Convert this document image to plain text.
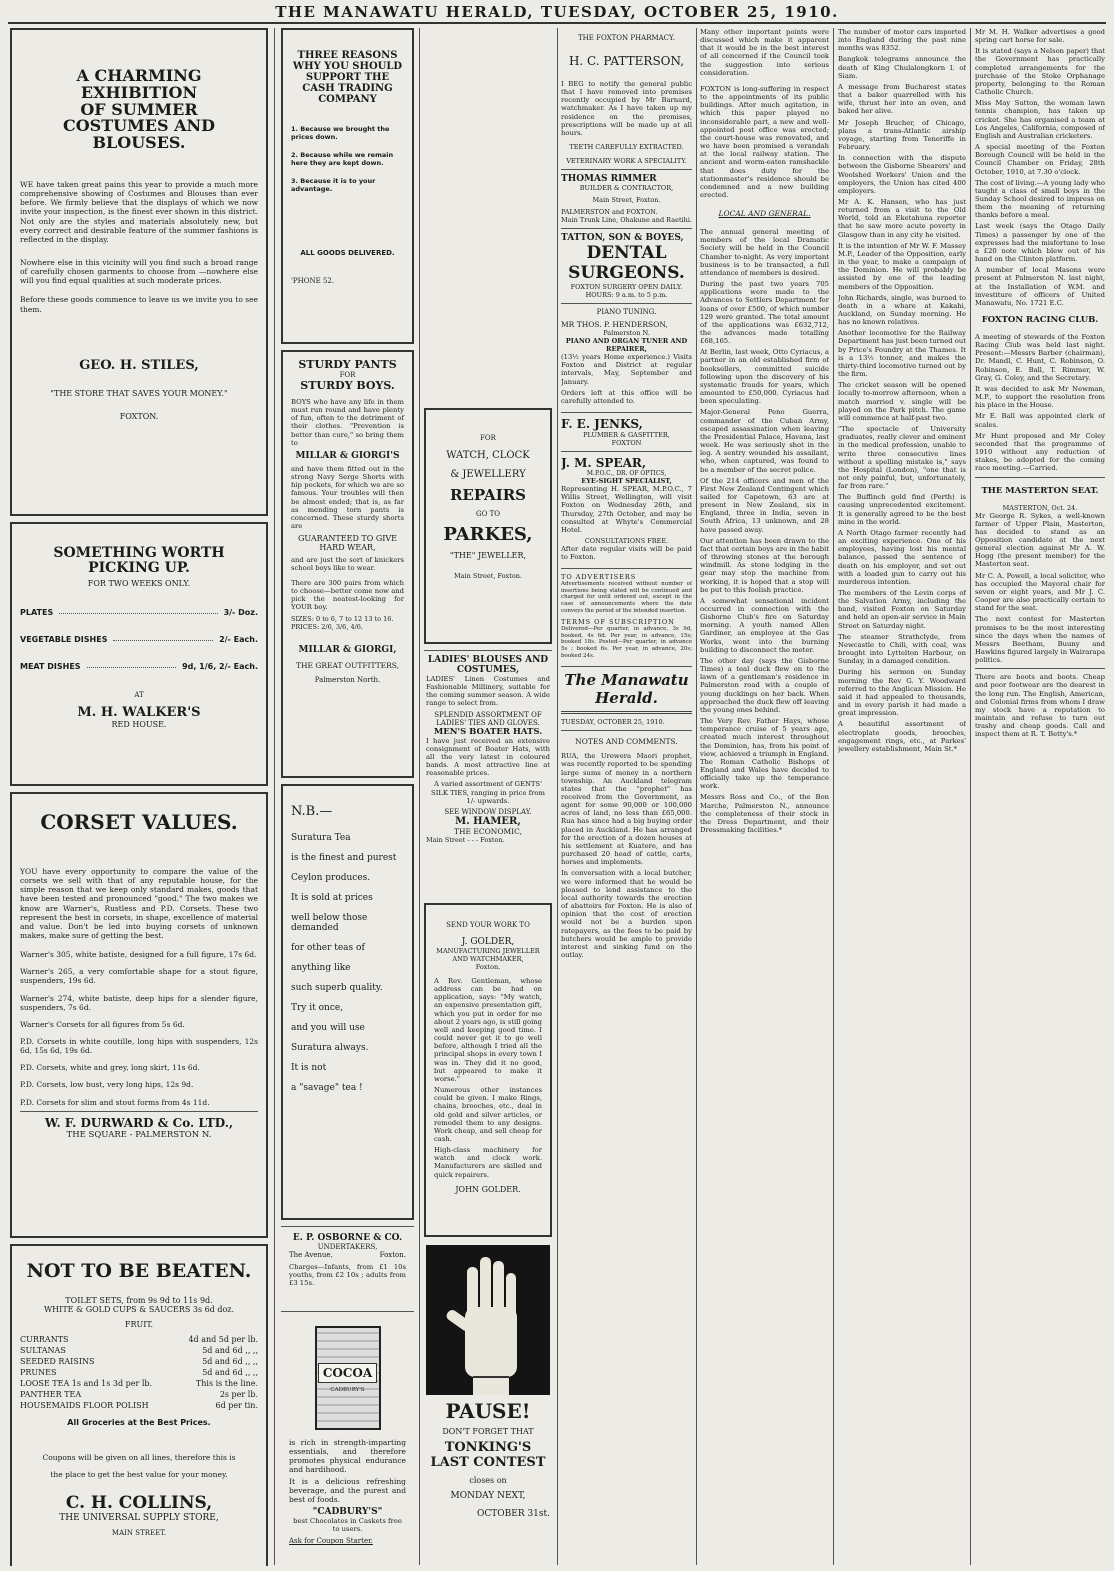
THE MANAWATU HERALD, TUESDAY, OCTOBER 25, 1910.
A CHARMING EXHIBITION
OF SUMMER
COSTUMES AND BLOUSES.

WE have taken great pains this year to provide a much more comprehensive showing of Costumes and Blouses than ever before. We firmly believe that the displays of which we now invite your inspection, is the finest ever shown in this district. Not only are the styles and materials absolutely new, but every correct and desirable feature of the summer fashions is reflected in the display.

Nowhere else in this vicinity will you find such a broad range of carefully chosen garments to choose from —nowhere else will you find equal qualities at such moderate prices.

Before these goods commence to leave us we invite you to see them.

GEO. H. STILES,
"THE STORE THAT SAVES YOUR MONEY."
FOXTON.
SOMETHING WORTH
PICKING UP.
FOR TWO WEEKS ONLY.
PLATES	3/- Doz.
VEGETABLE DISHES	2/- Each.
MEAT DISHES	9d, 1/6, 2/- Each.
AT
M. H. WALKER'S
RED HOUSE.
CORSET VALUES.

YOU have every opportunity to compare the value of the corsets we sell with that of any reputable house, for the simple reason that we keep only standard makes, goods that have been tested and pronounced "good." The two makes we know are Warner's, Rustless and P.D. Corsets. These two represent the best in corsets, in shape, excellence of material and value. Don't be led into buying corsets of unknown makes, make sure of getting the best.

Warner's 305, white batiste, designed for a full figure, 17s 6d.

Warner's 265, a very comfortable shape for a stout figure, suspenders, 19s 6d.

Warner's 274, white batiste, deep hips for a slender figure, suspenders, 7s 6d.

Warner's Corsets for all figures from 5s 6d.

P.D. Corsets in white coutille, long hips with suspenders, 12s 6d, 15s 6d, 19s 6d.

P.D. Corsets, white and grey, long skirt, 11s 6d.

P.D. Corsets, low bust, very long hips, 12s 9d.

P.D. Corsets for slim and stout forms from 4s 11d.

W. F. DURWARD & Co. LTD.,
THE SQUARE - PALMERSTON N.
NOT TO BE BEATEN.
TOILET SETS, from 9s 9d to 11s 9d.
WHITE & GOLD CUPS & SAUCERS 3s 6d doz.
FRUIT.
CURRANTS	4d and 5d per lb.
SULTANAS	5d and 6d ,, ,,
SEEDED RAISINS	5d and 6d ,, ,,
PRUNES	5d and 6d ,, ,,
LOOSE TEA 1s and 1s 3d per lb.	This is the line.
PANTHER TEA	2s per lb.
HOUSEMAIDS FLOOR POLISH	6d per tin.
All Groceries at the Best Prices.
Coupons will be given on all lines, therefore this is
the place to get the best value for your money.
C. H. COLLINS,
THE UNIVERSAL SUPPLY STORE,
MAIN STREET.
THREE REASONS WHY YOU SHOULD SUPPORT THE CASH TRADING COMPANY
1. Because we brought the prices down.
2. Because while we remain here they are kept down.
3. Because it is to your advantage.
ALL GOODS DELIVERED.
'PHONE 52.
STURDY PANTS
FOR
STURDY BOYS.

BOYS who have any life in them must run round and have plenty of fun, often to the detriment of their clothes. "Prevention is better than cure," so bring them to

MILLAR & GIORGI'S

and have them fitted out in the strong Navy Serge Shorts with hip pockets, for which we are so famous. Your troubles will then be almost ended; that is, as far as mending torn pants is concerned. These sturdy shorts are

GUARANTEED TO GIVE HARD WEAR,

and are just the sort of knickers school boys like to wear.

There are 300 pairs from which to choose—better come now and pick the neatest-looking for YOUR boy.

SIZES: 0 to 6, 7 to 12 13 to 16.
PRICES: 2/6, 3/6, 4/6.
MILLAR & GIORGI,
THE GREAT OUTFITTERS,
Palmerston North.
N.B.—
Suratura Tea
is the finest and purest
Ceylon produces.
It is sold at prices
well below those demanded
for other teas of
anything like
such superb quality.
Try it once,
and you will use
Suratura always.
It is not
a "savage" tea !
E. P. OSBORNE & CO.
UNDERTAKERS,
The Avenue,	Foxton.

Charges—Infants, from £1 10s youths, from £2 10s ; adults from £3 15s.

COCOA
CADBURY'S

is rich in strength-imparting essentials, and therefore promotes physical endurance and hardihood.

It is a delicious refreshing beverage, and the purest and best of foods.

"CADBURY'S"

best Chocolates in Caskets free to users.

Ask for Coupon Starter.
FOR
WATCH, CLOCK
& JEWELLERY
REPAIRS
GO TO
PARKES,
"THE" JEWELLER,
Main Street, Foxton.
LADIES' BLOUSES AND COSTUMES,

LADIES' Linen Costumes and Fashionable Millinery, suitable for the coming summer season. A wide range to select from.

SPLENDID ASSORTMENT OF LADIES' TIES AND GLOVES.
MEN'S BOATER HATS.

I have just received an extensive consignment of Boater Hats, with all the very latest in coloured bands. A most attractive line at reasonable prices.

A varied assortment of GENTS' SILK TIES, ranging in price from 1/- upwards.

SEE WINDOW DISPLAY.
M. HAMER,
THE ECONOMIC,
Main Street - - - Foxton.
SEND YOUR WORK TO
J. GOLDER,
MANUFACTURING JEWELLER AND WATCHMAKER,
Foxton.

A Rev. Gentleman, whose address can be had on application, says: "My watch, an expensive presentation gift, which you put in order for me about 2 years ago, is still going well and keeping good time. I could never get it to go well before, although I tried all the principal shops in every town I was in. They did it no good, but appeared to make it worse."

Numerous other instances could be given. I make Rings, chains, brooches, etc., deal in old gold and silver articles, or remodel them to any designs. Work cheap, and sell cheap for cash.

High-class machinery for watch and clock work. Manufacturers are skilled and quick repairers.

JOHN GOLDER.
PAUSE!
DON'T FORGET THAT
TONKING'S
LAST CONTEST
closes on
MONDAY NEXT,
OCTOBER 31st.
THE FOXTON PHARMACY.
H. C. PATTERSON,

I BEG to notify the general public that I have removed into premises recently occupied by Mr Barnard, watchmaker. As I have taken up my residence on the premises, prescriptions will be made up at all hours.

TEETH CAREFULLY EXTRACTED.
VETERINARY WORK A SPECIALITY.
THOMAS RIMMER
BUILDER & CONTRACTOR,
Main Street, Foxton.
PALMERSTON and FOXTON.
Main Trunk Line, Ohakune and Raetihi.
TATTON, SON & BOYES,
DENTAL
SURGEONS.
FOXTON SURGERY OPEN DAILY.
HOURS: 9 a.m. to 5 p.m.
PIANO TUNING.
MR THOS. P. HENDERSON,
Palmerston N.
PIANO AND ORGAN TUNER AND REPAIRER,

(13½ years Home experience.) Visits Foxton and District at regular intervals, May, September and January.

Orders left at this office will be carefully attended to.

F. E. JENKS,
PLUMBER & GASFITTER,
FOXTON
J. M. SPEAR,
M.P.O.C., DR. OF OPTICS,
EYE-SIGHT SPECIALIST,

Representing H. SPEAR, M.P.O.C., 7 Willis Street, Wellington, will visit Foxton on Wednesday 26th, and Thursday, 27th October, and may be consulted at Whyte's Commercial Hotel.

CONSULTATIONS FREE.

After date regular visits will be paid to Foxton.

TO ADVERTISERS

Advertisements received without number of insertions being stated will be continued and charged for until ordered out, except in the case of announcements where the date conveys the period of the intended insertion.

TERMS OF SUBSCRIPTION

Delivered—Per quarter, in advance, 3s 9d, booked, 4s 6d. Per year, in advance, 15s; booked 18s. Posted—Per quarter, in advance 5s ; booked 6s. Per year, in advance, 20s; booked 24s.

The Manawatu Herald.
TUESDAY, OCTOBER 25, 1910.
NOTES AND COMMENTS.

RUA, the Urewera Maori prophet, was recently reported to be spending large sums of money in a northern township. An Auckland telegram states that the "prophet" has received from the Government, as agent for some 90,000 or 100,000 acres of land, no less than £65,000. Rua has since had a big buying order placed in Auckland. He has arranged for the erection of a dozen houses at his settlement at Kuatere, and has purchased 20 head of cattle, carts, horses and implements.

In conversation with a local butcher, we were informed that he would be pleased to lend assistance to the local authority towards the erection of abattoirs for Foxton. He is also of opinion that the cost of erection would not be a burden upon ratepayers, as the fees to be paid by butchers would be ample to provide interest and sinking fund on the outlay.

Many other important points were discussed which make it apparent that it would be in the best interest of all concerned if the Council took the suggestion into serious consideration.

FOXTON is long-suffering in respect to the appointments of its public buildings. After much agitation, in which this paper played no inconsiderable part, a new and well-appointed post office was erected; the court-house was renovated, and we have been promised a verandah at the local railway station. The ancient and worm-eaten ramshackle that does duty for the stationmaster's residence should be condemned and a new building erected.

LOCAL AND GENERAL.

The annual general meeting of members of the local Dramatic Society will be held in the Council Chamber to-night. As very important business is to be transacted, a full attendance of members is desired.

During the past two years 705 applications were made to the Advances to Settlers Department for loans of over £500, of which number 129 were granted. The total amount of the applications was £632,712, the advances made totalling £68,165.

At Berlin, last week, Otto Cyriacus, a partner in an old established firm of booksellers, committed suicide following upon the discovery of his systematic frauds for years, which amounted to £50,000. Cyriacus had been speculating.

Major-General Peno Guerra, commander of the Cuban Army, escaped assassination when leaving the Presidential Palace, Havana, last week. He was seriously shot in the leg. A sentry wounded his assailant, who, when captured, was found to be a member of the secret police.

Of the 214 officers and men of the First New Zealand Contingent which sailed for Capetown, 63 are at present in New Zealand, six in England, three in India, seven in South Africa, 13 unknown, and 28 have passed away.

Our attention has been drawn to the fact that certain boys are in the habit of throwing stones at the borough windmill. As stone lodging in the gear may stop the machine from working, it is hoped that a stop will be put to this foolish practice.

A somewhat sensational incident occurred in connection with the Gisborne Club's fire on Saturday morning. A youth named Allen Gardiner, an employee at the Gas Works, went into the burning building to disconnect the meter.

The other day (says the Gisborne Times) a teal duck flew on to the lawn of a gentleman's residence in Palmerston road with a couple of young ducklings on her back. When approached the duck flew off leaving the young ones behind.

The Very Rev. Father Hays, whose temperance cruise of 5 years ago, created much interest throughout the Dominion, has, from his point of view, achieved a triumph in England. The Roman Catholic Bishops of England and Wales have decided to officially take up the temperance work.

Messrs Ross and Co., of the Bon Marche, Palmerston N., announce the completeness of their stock in the Dress Department, and their Dressmaking facilities.*

The number of motor cars imported into England during the past nine months was 8352.

Bangkok telegrams announce the death of King Chulalongkorn I. of Siam.

A message from Bucharest states that a baker quarrelled with his wife, thrust her into an oven, and baked her alive.

Mr Joseph Brucher, of Chicago, plans a trans-Atlantic airship voyage, starting from Teneriffe in February.

In connection with the dispute between the Gisborne Shearers' and Woolshed Workers' Union and the employers, the Union has cited 400 employers.

Mr A. K. Hansen, who has just returned from a visit to the Old World, told an Eketahuna reporter that he saw more acute poverty in Glasgow than in any city he visited.

It is the intention of Mr W. F. Massey M.P., Leader of the Opposition, early in the year, to make a campaign of the Dominion. He will probably be assisted by one of the leading members of the Opposition.

John Richards, single, was burned to death in a whare at Kakahi, Auckland, on Sunday morning. He has no known relatives.

Another locomotive for the Railway Department has just been turned out by Price's Foundry at the Thames. It is a 13½ tonner, and makes the thirty-third locomotive turned out by the firm.

The cricket season will be opened locally to-morrow afternoon, when a match married v. single will be played on the Park pitch. The game will commence at half-past two.

"The spectacle of University graduates, really clever and eminent in the medical profession, unable to write three consecutive lines without a spelling mistake is," says the Hospital (London), "one that is not only painful, but, unfortunately, far from rare."

The Buffinch gold find (Perth) is causing unprecedented excitement. It is generally agreed to be the best mine in the world.

A North Otago farmer recently had an exciting experience. One of his employees, having lost his mental balance, passed the sentence of death on his employer, and set out with a loaded gun to carry out his murderous intention.

The members of the Levin corps of the Salvation Army, including the band, visited Foxton on Saturday and held an open-air service in Main Street on Saturday night.

The steamer Strathclyde, from Newcastle to Chili, with coal, was brought into Lyttelton Harbour, on Sunday, in a damaged condition.

During his sermon on Sunday morning the Rev G. Y. Woodward referred to the Anglican Mission. He said it had appealed to thousands, and in every parish it had made a great impression.

A beautiful assortment of electroplate goods, brooches, engagement rings, etc., at Parkes' jewellery establishment, Main St.*

Mr M. H. Walker advertises a good spring cart horse for sale.

It is stated (says a Nelson paper) that the Government has practically completed arrangements for the purchase of the Stoke Orphanage property, belonging to the Roman Catholic Church.

Miss May Sutton, the woman lawn tennis champion, has taken up cricket. She has organised a team at Los Angeles, California, composed of English and Australian cricketers.

A special meeting of the Foxton Borough Council will be held in the Council Chamber on Friday, 28th October, 1910, at 7.30 o'clock.

The cost of living.—A young lady who taught a class of small boys in the Sunday School desired to impress on them the meaning of returning thanks before a meal.

Last week (says the Otago Daily Times) a passenger by one of the expresses had the misfortune to lose a £20 note which blew out of his hand on the Clinton platform.

A number of local Masons were present at Palmerston N. last night, at the Installation of W.M. and investiture of officers of United Manawatu, No. 1721 E.C.

FOXTON RACING CLUB.

A meeting of stewards of the Foxton Racing Club was held last night. Present:—Messrs Barber (chairman), Dr. Mandl, C. Hunt, C. Robinson, O. Robinson, E. Ball, T. Rimmer, W. Gray, G. Coley, and the Secretary.

It was decided to ask Mr Newman, M.P., to support the resolution from his place in the House.

Mr E. Ball was appointed clerk of scales.

Mr Hunt proposed and Mr Coley seconded that the programme of 1910 without any reduction of stakes, be adopted for the coming race meeting.—Carried.

THE MASTERTON SEAT.
MASTERTON, Oct. 24.

Mr George R. Sykes, a well-known farmer of Upper Plain, Masterton, has decided to stand as an Opposition candidate at the next general election against Mr A. W. Hogg (the present member) for the Masterton seat.

Mr C. A. Powell, a local solicitor, who has occupied the Mayoral chair for seven or eight years, and Mr J. C. Cooper are also practically certain to stand for the seat.

The next contest for Masterton promises to be the most interesting since the days when the names of Messrs Beetham, Buuny and Hawkins figured largely in Wairarapa politics.

There are boots and boots. Cheap and poor footwear are the dearest in the long run. The English, American, and Colonial firms from whom I draw my stock have a reputation to maintain and refuse to turn out trashy and cheap goods. Call and inspect them at R. T. Betty's.*
